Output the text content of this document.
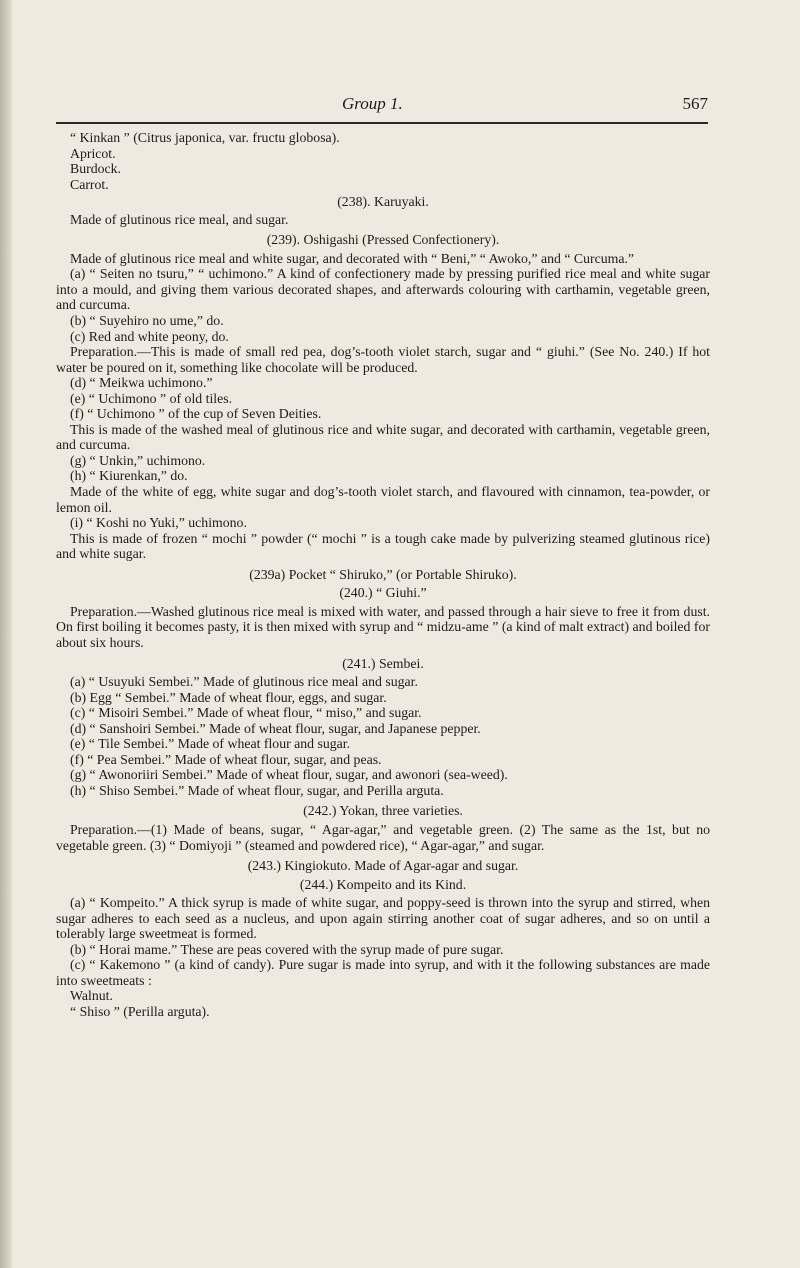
Group 1.	567

“ Kinkan ” (Citrus japonica, var. fructu globosa).

Apricot.

Burdock.

Carrot.

(238). Karuyaki.

Made of glutinous rice meal, and sugar.

(239). Oshigashi (Pressed Confectionery).

Made of glutinous rice meal and white sugar, and decorated with “ Beni,” “ Awoko,” and “ Curcuma.”

(a) “ Seiten no tsuru,” “ uchimono.” A kind of confectionery made by pressing purified rice meal and white sugar into a mould, and giving them various decorated shapes, and afterwards colouring with carthamin, vegetable green, and curcuma.

(b) “ Suyehiro no ume,” do.

(c) Red and white peony, do.

Preparation.—This is made of small red pea, dog’s-tooth violet starch, sugar and “ giuhi.” (See No. 240.) If hot water be poured on it, something like chocolate will be produced.

(d) “ Meikwa uchimono.”

(e) “ Uchimono ” of old tiles.

(f) “ Uchimono ” of the cup of Seven Deities.

This is made of the washed meal of glutinous rice and white sugar, and decorated with carthamin, vegetable green, and curcuma.

(g) “ Unkin,” uchimono.

(h) “ Kiurenkan,” do.

Made of the white of egg, white sugar and dog’s-tooth violet starch, and flavoured with cinnamon, tea-powder, or lemon oil.

(i) “ Koshi no Yuki,” uchimono.

This is made of frozen “ mochi ” powder (“ mochi ” is a tough cake made by pulverizing steamed glutinous rice) and white sugar.

(239a) Pocket “ Shiruko,” (or Portable Shiruko).

(240.) “ Giuhi.”

Preparation.—Washed glutinous rice meal is mixed with water, and passed through a hair sieve to free it from dust. On first boiling it becomes pasty, it is then mixed with syrup and “ midzu-ame ” (a kind of malt extract) and boiled for about six hours.

(241.) Sembei.

(a) “ Usuyuki Sembei.” Made of glutinous rice meal and sugar.

(b) Egg “ Sembei.” Made of wheat flour, eggs, and sugar.

(c) “ Misoiri Sembei.” Made of wheat flour, “ miso,” and sugar.

(d) “ Sanshoiri Sembei.” Made of wheat flour, sugar, and Japanese pepper.

(e) “ Tile Sembei.” Made of wheat flour and sugar.

(f) “ Pea Sembei.” Made of wheat flour, sugar, and peas.

(g) “ Awonoriiri Sembei.” Made of wheat flour, sugar, and awonori (sea-weed).

(h) “ Shiso Sembei.” Made of wheat flour, sugar, and Perilla arguta.

(242.) Yokan, three varieties.

Preparation.—(1) Made of beans, sugar, “ Agar-agar,” and vegetable green. (2) The same as the 1st, but no vegetable green. (3) “ Domiyoji ” (steamed and powdered rice), “ Agar-agar,” and sugar.

(243.) Kingiokuto. Made of Agar-agar and sugar.

(244.) Kompeito and its Kind.

(a) “ Kompeito.” A thick syrup is made of white sugar, and poppy-seed is thrown into the syrup and stirred, when sugar adheres to each seed as a nucleus, and upon again stirring another coat of sugar adheres, and so on until a tolerably large sweetmeat is formed.

(b) “ Horai mame.” These are peas covered with the syrup made of pure sugar.

(c) “ Kakemono ” (a kind of candy). Pure sugar is made into syrup, and with it the following substances are made into sweetmeats :

Walnut.

“ Shiso ” (Perilla arguta).
